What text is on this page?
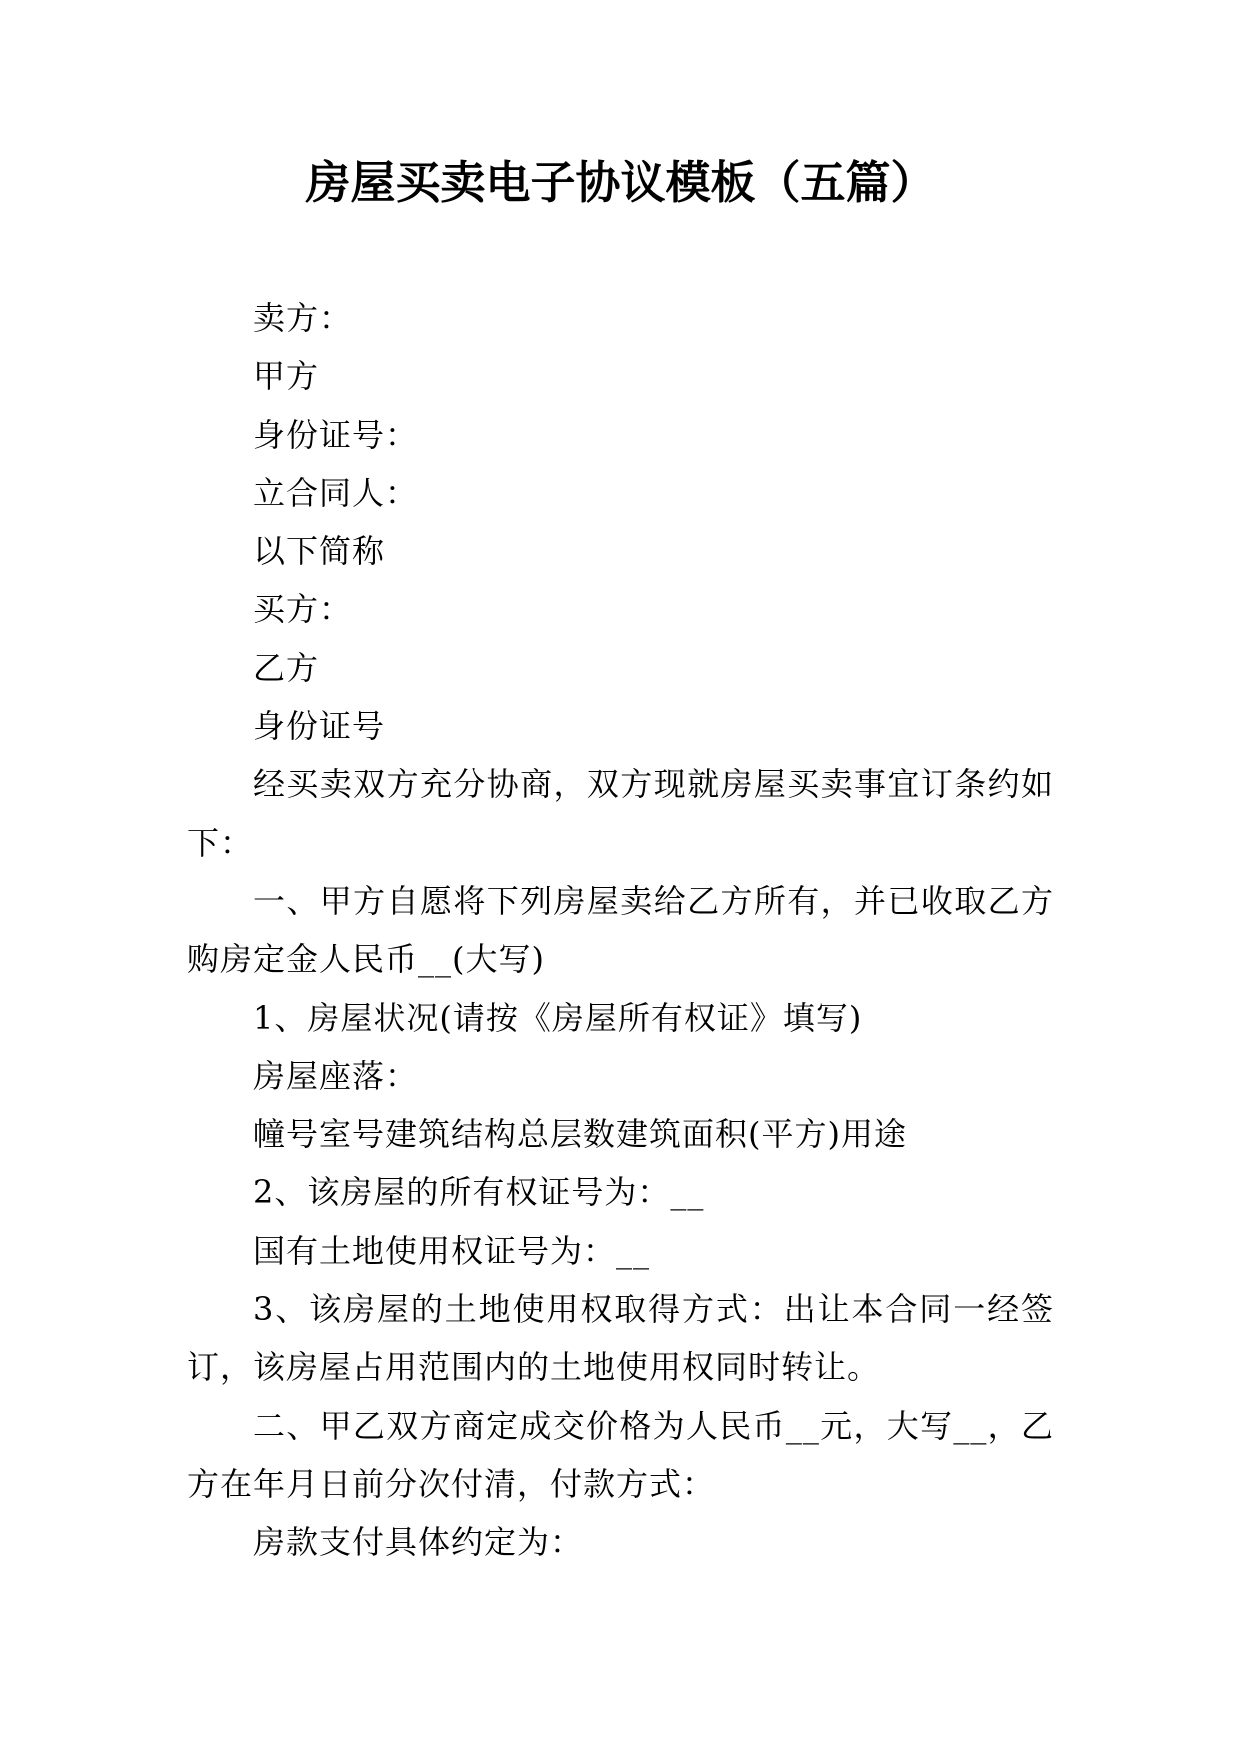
房屋买卖电子协议模板（五篇）
卖方：
甲方
身份证号：
立合同人：
以下简称
买方：
乙方
身份证号
经买卖双方充分协商，双方现就房屋买卖事宜订条约如
下：
一、甲方自愿将下列房屋卖给乙方所有，并已收取乙方
购房定金人民币__(大写)
1、房屋状况(请按《房屋所有权证》填写)
房屋座落：
幢号室号建筑结构总层数建筑面积(平方)用途
2、该房屋的所有权证号为：__
国有土地使用权证号为：__
3、该房屋的土地使用权取得方式：出让本合同一经签
订，该房屋占用范围内的土地使用权同时转让。
二、甲乙双方商定成交价格为人民币__元，大写__，乙
方在年月日前分次付清，付款方式：
房款支付具体约定为：
